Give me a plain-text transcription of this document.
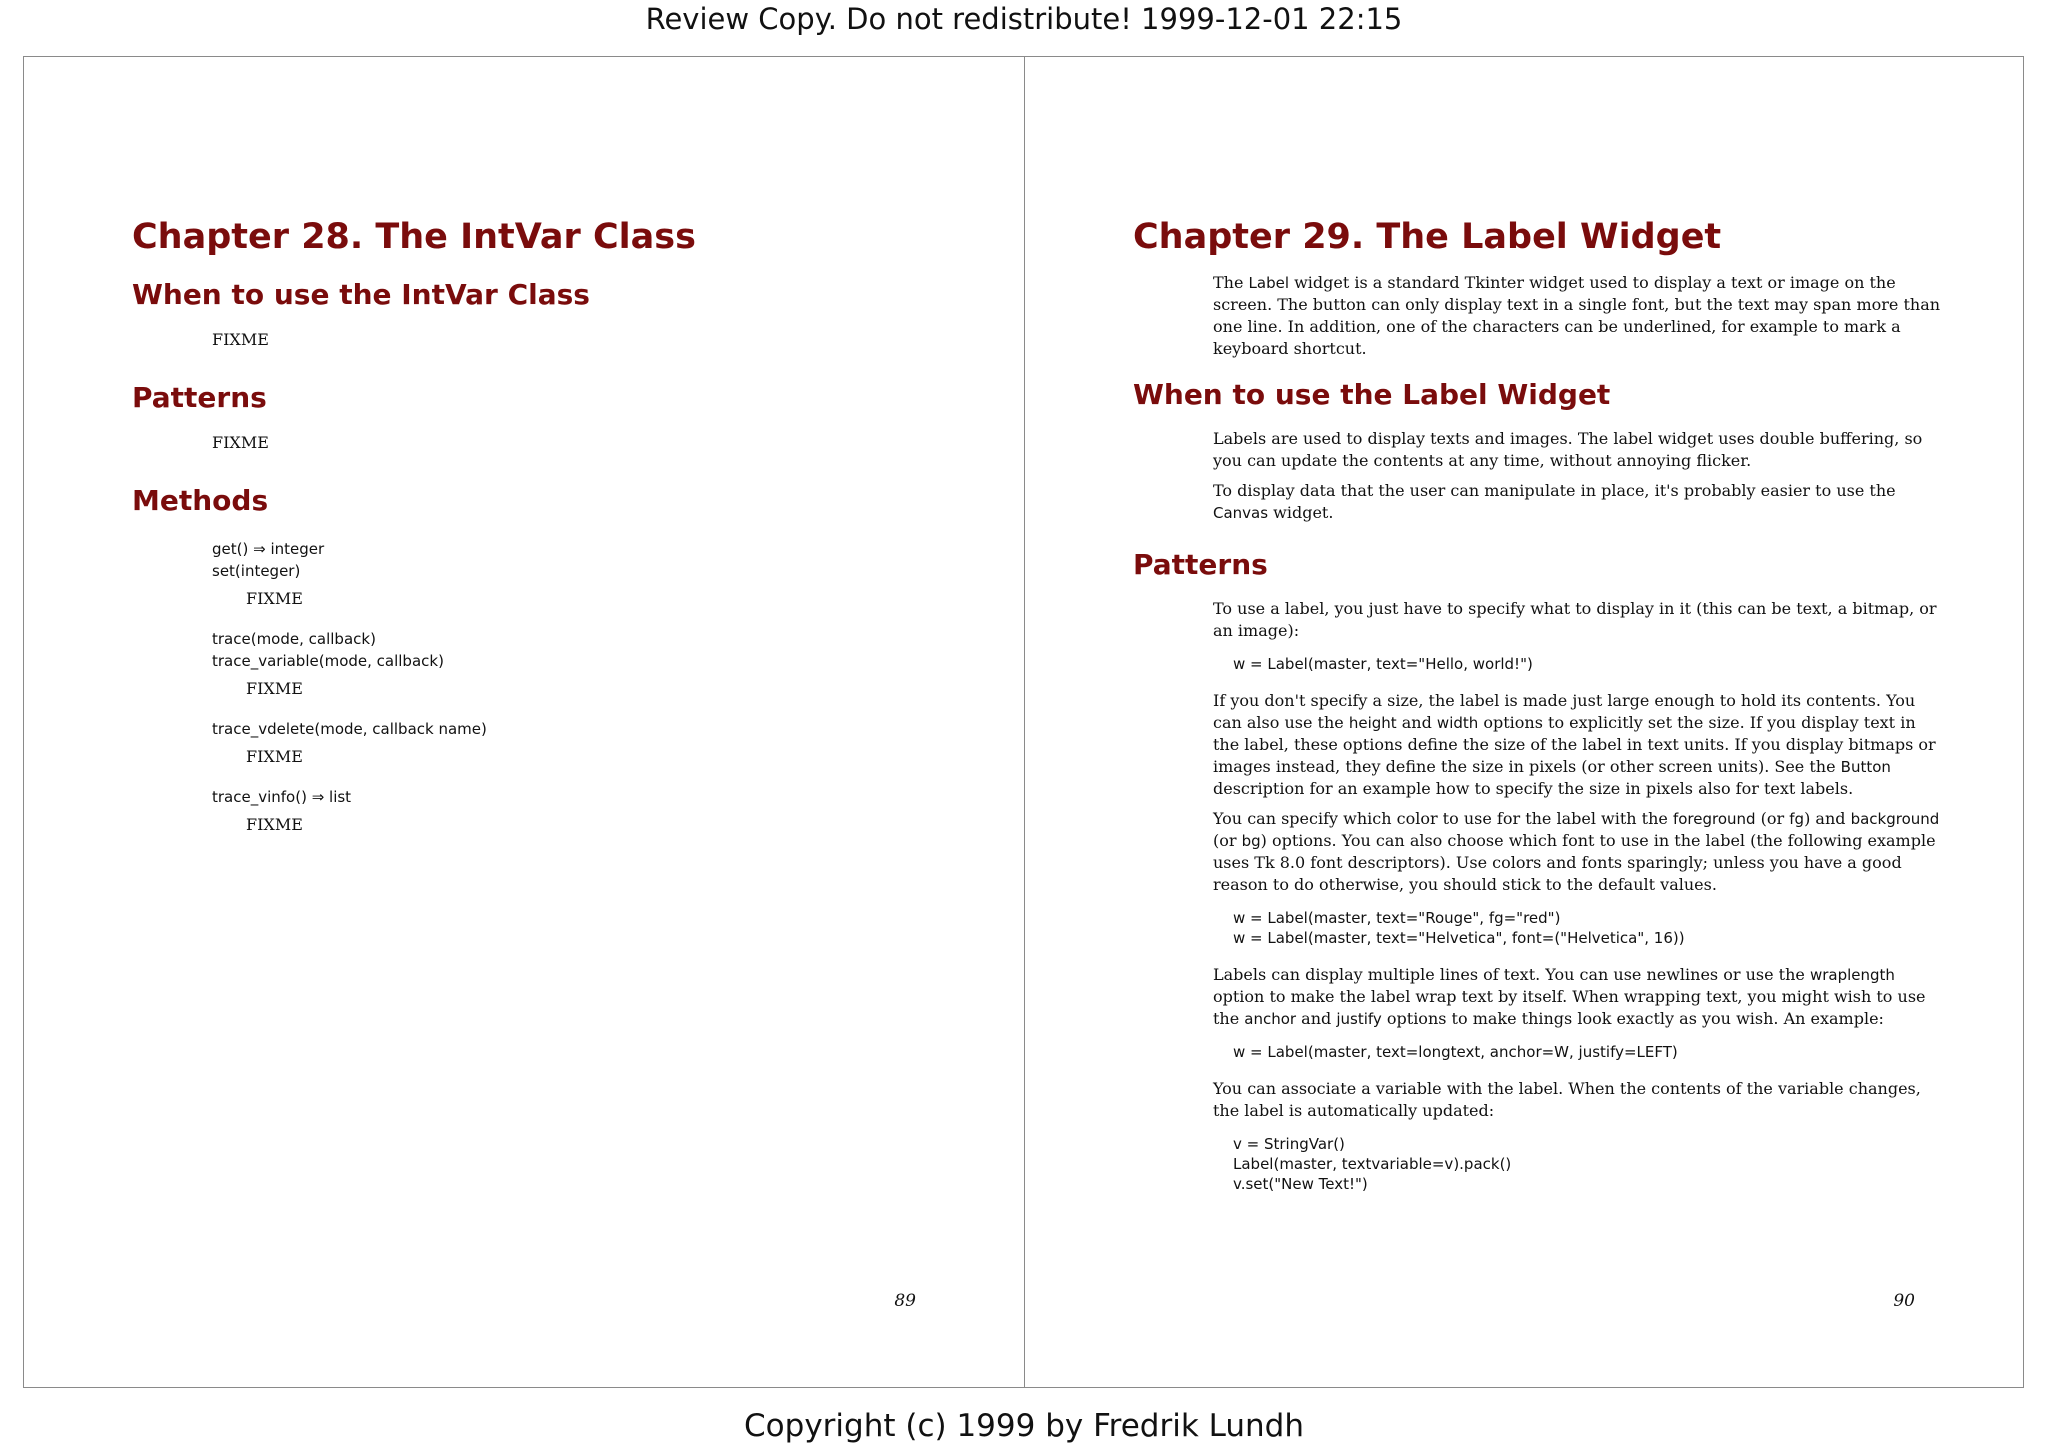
Review Copy. Do not redistribute! 1999-12-01 22:15
Chapter 28. The IntVar Class
When to use the IntVar Class

FIXME

Patterns

FIXME

Methods
get() ⇒ integer
set(integer)
FIXME
trace(mode, callback)
trace_variable(mode, callback)
FIXME
trace_vdelete(mode, callback name)
FIXME
trace_vinfo() ⇒ list
FIXME
89
Chapter 29. The Label Widget

The Label widget is a standard Tkinter widget used to display a text or image on the screen. The button can only display text in a single font, but the text may span more than one line. In addition, one of the characters can be underlined, for example to mark a keyboard shortcut.

When to use the Label Widget

Labels are used to display texts and images. The label widget uses double buffering, so you can update the contents at any time, without annoying flicker.

To display data that the user can manipulate in place, it's probably easier to use the Canvas widget.

Patterns

To use a label, you just have to specify what to display in it (this can be text, a bitmap, or an image):

w = Label(master, text="Hello, world!")

If you don't specify a size, the label is made just large enough to hold its contents. You can also use the height and width options to explicitly set the size. If you display text in the label, these options define the size of the label in text units. If you display bitmaps or images instead, they define the size in pixels (or other screen units). See the Button description for an example how to specify the size in pixels also for text labels.

You can specify which color to use for the label with the foreground (or fg) and background (or bg) options. You can also choose which font to use in the label (the following example uses Tk 8.0 font descriptors). Use colors and fonts sparingly; unless you have a good reason to do otherwise, you should stick to the default values.

w = Label(master, text="Rouge", fg="red")
w = Label(master, text="Helvetica", font=("Helvetica", 16))

Labels can display multiple lines of text. You can use newlines or use the wraplength option to make the label wrap text by itself. When wrapping text, you might wish to use the anchor and justify options to make things look exactly as you wish. An example:

w = Label(master, text=longtext, anchor=W, justify=LEFT)

You can associate a variable with the label. When the contents of the variable changes, the label is automatically updated:

v = StringVar()
Label(master, textvariable=v).pack()
v.set("New Text!")
90
Copyright (c) 1999 by Fredrik Lundh
